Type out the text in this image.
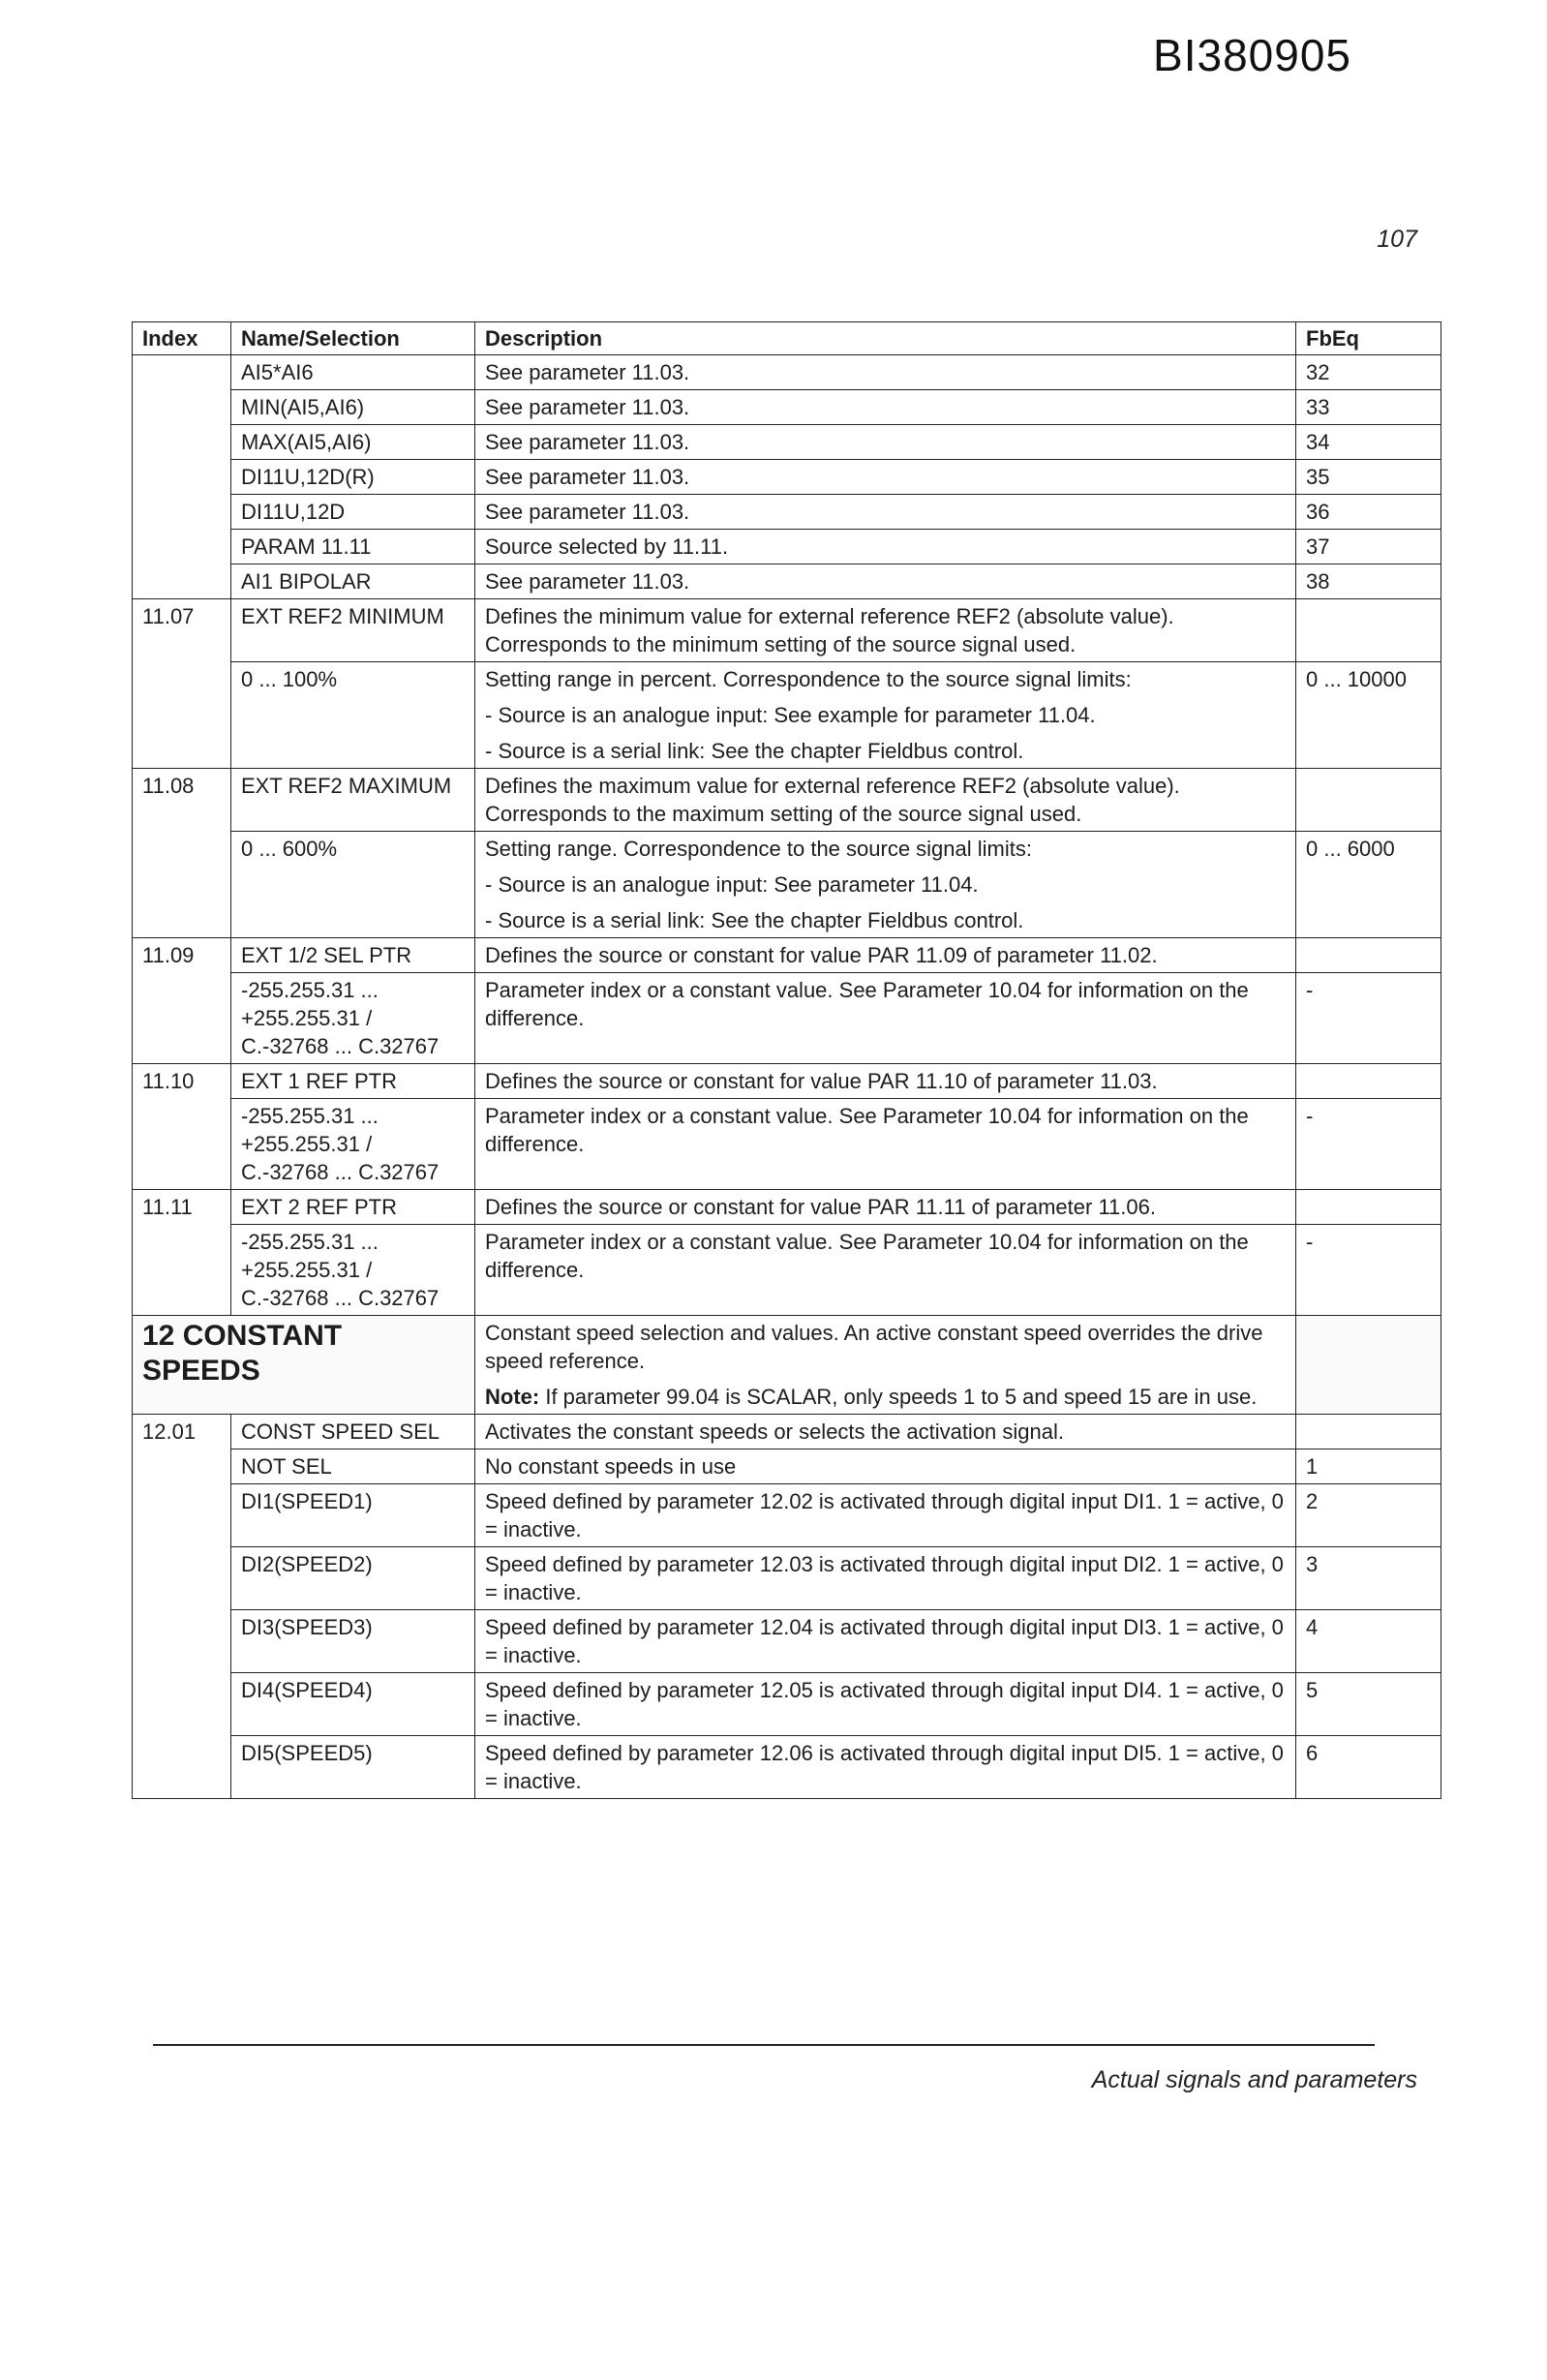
BI380905
107
Index	Name/Selection	Description	FbEq
	AI5*AI6	See parameter 11.03.	32
	MIN(AI5,AI6)	See parameter 11.03.	33
	MAX(AI5,AI6)	See parameter 11.03.	34
	DI11U,12D(R)	See parameter 11.03.	35
	DI11U,12D	See parameter 11.03.	36
	PARAM 11.11	Source selected by 11.11.	37
	AI1 BIPOLAR	See parameter 11.03.	38
11.07	EXT REF2 MINIMUM	Defines the minimum value for external reference REF2 (absolute value). Corresponds to the minimum setting of the source signal used.	

	0 ... 100%	Setting range in percent. Correspondence to the source signal limits:
- Source is an analogue input: See example for parameter 11.04.
- Source is a serial link: See the chapter Fieldbus control.	0 ... 10000
11.08	EXT REF2 MAXIMUM	Defines the maximum value for external reference REF2 (absolute value). Corresponds to the maximum setting of the source signal used.	

	0 ... 600%	Setting range. Correspondence to the source signal limits:
- Source is an analogue input: See parameter 11.04.
- Source is a serial link: See the chapter Fieldbus control.	0 ... 6000
11.09	EXT 1/2 SEL PTR	Defines the source or constant for value PAR 11.09 of parameter 11.02.	

	-255.255.31 ... +255.255.31 / C.-32768 ... C.32767	Parameter index or a constant value. See Parameter 10.04 for information on the difference.	-
11.10	EXT 1 REF PTR	Defines the source or constant for value PAR 11.10 of parameter 11.03.	

	-255.255.31 ... +255.255.31 / C.-32768 ... C.32767	Parameter index or a constant value. See Parameter 10.04 for information on the difference.	-
11.11	EXT 2 REF PTR	Defines the source or constant for value PAR 11.11 of parameter 11.06.	

	-255.255.31 ... +255.255.31 / C.-32768 ... C.32767	Parameter index or a constant value. See Parameter 10.04 for information on the difference.	-
12 CONSTANT SPEEDS		Constant speed selection and values. An active constant speed overrides the drive speed reference.
Note: If parameter 99.04 is SCALAR, only speeds 1 to 5 and speed 15 are in use.	

12.01	CONST SPEED SEL	Activates the constant speeds or selects the activation signal.	

	NOT SEL	No constant speeds in use	1
	DI1(SPEED1)	Speed defined by parameter 12.02 is activated through digital input DI1. 1 = active, 0 = inactive.	2
	DI2(SPEED2)	Speed defined by parameter 12.03 is activated through digital input DI2. 1 = active, 0 = inactive.	3
	DI3(SPEED3)	Speed defined by parameter 12.04 is activated through digital input DI3. 1 = active, 0 = inactive.	4
	DI4(SPEED4)	Speed defined by parameter 12.05 is activated through digital input DI4. 1 = active, 0 = inactive.	5
	DI5(SPEED5)	Speed defined by parameter 12.06 is activated through digital input DI5. 1 = active, 0 = inactive.	6
Actual signals and parameters
